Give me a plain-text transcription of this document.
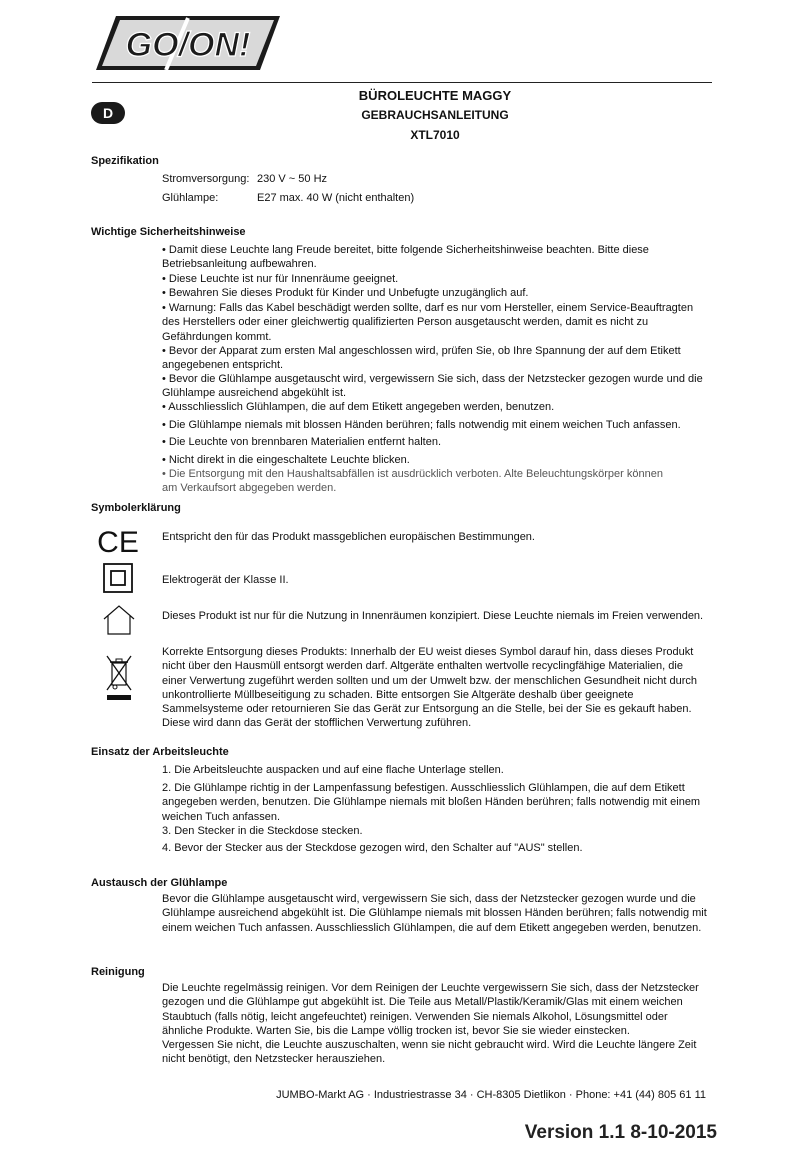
GO/ON!
D
BÜROLEUCHTE MAGGY
GEBRAUCHSANLEITUNG
XTL7010
Spezifikation
Stromversorgung: 230 V ~ 50 Hz
Glühlampe:	E27 max. 40 W (nicht enthalten)
Wichtige Sicherheitshinweise
• Damit diese Leuchte lang Freude bereitet, bitte folgende Sicherheitshinweise beachten. Bitte diese Betriebsanleitung aufbewahren.
• Diese Leuchte ist nur für Innenräume geeignet.
• Bewahren Sie dieses Produkt für Kinder und Unbefugte unzugänglich auf.
• Warnung: Falls das Kabel beschädigt werden sollte, darf es nur vom Hersteller, einem Service-Beauftragten des Herstellers oder einer gleichwertig qualifizierten Person ausgetauscht werden, damit es nicht zu Gefährdungen kommt.
• Bevor der Apparat zum ersten Mal angeschlossen wird, prüfen Sie, ob Ihre Spannung der auf dem Etikett angegebenen entspricht.
• Bevor die Glühlampe ausgetauscht wird, vergewissern Sie sich, dass der Netzstecker gezogen wurde und die Glühlampe ausreichend abgekühlt ist.
• Ausschliesslich Glühlampen, die auf dem Etikett angegeben werden, benutzen.
• Die Glühlampe niemals mit blossen Händen berühren; falls notwendig mit einem weichen Tuch anfassen.
• Die Leuchte von brennbaren Materialien entfernt halten.
• Nicht direkt in die eingeschaltete Leuchte blicken.
• Die Entsorgung mit den Haushaltsabfällen ist ausdrücklich verboten. Alte Beleuchtungskörper können am Verkaufsort abgegeben werden.
Symbolerklärung
CE Entspricht den für das Produkt massgeblichen europäischen Bestimmungen.
Elektrogerät der Klasse II.
Dieses Produkt ist nur für die Nutzung in Innenräumen konzipiert. Diese Leuchte niemals im Freien verwenden.
Korrekte Entsorgung dieses Produkts: Innerhalb der EU weist dieses Symbol darauf hin, dass dieses Produkt nicht über den Hausmüll entsorgt werden darf. Altgeräte enthalten wertvolle recyclingfähige Materialien, die einer Verwertung zugeführt werden sollten und um der Umwelt bzw. der menschlichen Gesundheit nicht durch unkontrollierte Müllbeseitigung zu schaden. Bitte entsorgen Sie Altgeräte deshalb über geeignete Sammelsysteme oder retournieren Sie das Gerät zur Entsorgung an die Stelle, bei der Sie es gekauft haben. Diese wird dann das Gerät der stofflichen Verwertung zuführen.
Einsatz der Arbeitsleuchte
1. Die Arbeitsleuchte auspacken und auf eine flache Unterlage stellen.
2. Die Glühlampe richtig in der Lampenfassung befestigen. Ausschliesslich Glühlampen, die auf dem Etikett angegeben werden, benutzen. Die Glühlampe niemals mit bloßen Händen berühren; falls notwendig mit einem weichen Tuch anfassen.
3. Den Stecker in die Steckdose stecken.
4. Bevor der Stecker aus der Steckdose gezogen wird, den Schalter auf "AUS" stellen.
Austausch der Glühlampe
Bevor die Glühlampe ausgetauscht wird, vergewissern Sie sich, dass der Netzstecker gezogen wurde und die Glühlampe ausreichend abgekühlt ist. Die Glühlampe niemals mit blossen Händen berühren; falls notwendig mit einem weichen Tuch anfassen. Ausschliesslich Glühlampen, die auf dem Etikett angegeben werden, benutzen.
Reinigung
Die Leuchte regelmässig reinigen. Vor dem Reinigen der Leuchte vergewissern Sie sich, dass der Netzstecker gezogen und die Glühlampe gut abgekühlt ist. Die Teile aus Metall/Plastik/Keramik/Glas mit einem weichen Staubtuch (falls nötig, leicht angefeuchtet) reinigen. Verwenden Sie niemals Alkohol, Lösungsmittel oder ähnliche Produkte. Warten Sie, bis die Lampe völlig trocken ist, bevor Sie sie wieder einstecken.
Vergessen Sie nicht, die Leuchte auszuschalten, wenn sie nicht gebraucht wird. Wird die Leuchte längere Zeit nicht benötigt, den Netzstecker herausziehen.
JUMBO-Markt AG · Industriestrasse 34 · CH-8305 Dietlikon · Phone: +41 (44) 805 61 11
Version 1.1 8-10-2015
